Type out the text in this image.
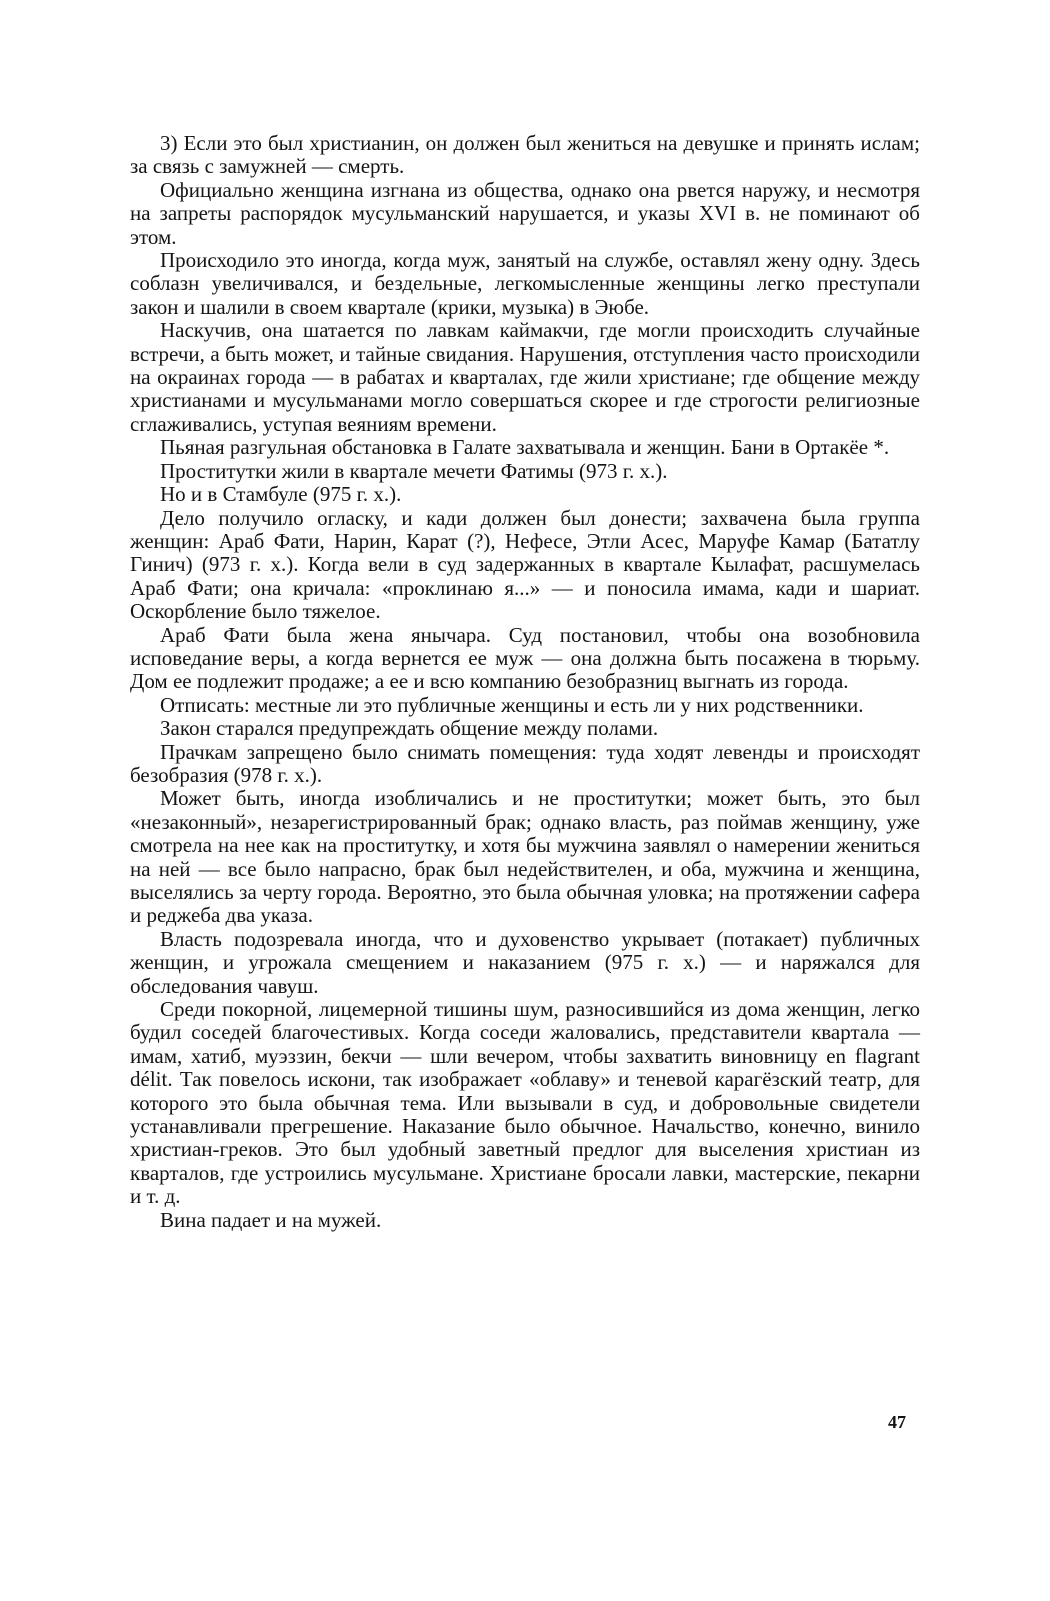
3) Если это был христианин, он должен был жениться на девушке и принять ислам; за связь с замужней — смерть.

Официально женщина изгнана из общества, однако она рвется наружу, и несмотря на запреты распорядок мусульманский нарушается, и указы XVI в. не поминают об этом.

Происходило это иногда, когда муж, занятый на службе, оставлял жену одну. Здесь соблазн увеличивался, и бездельные, легкомысленные женщины легко преступали закон и шалили в своем квартале (крики, музыка) в Эюбе.

Наскучив, она шатается по лавкам каймакчи, где могли происходить случайные встречи, а быть может, и тайные свидания. Нарушения, отступления часто происходили на окраинах города — в рабатах и кварталах, где жили христиане; где общение между христианами и мусульманами могло совершаться скорее и где строгости религиозные сглаживались, уступая веяниям времени.

Пьяная разгульная обстановка в Галате захватывала и женщин. Бани в Ортакёе *.

Проститутки жили в квартале мечети Фатимы (973 г. х.).

Но и в Стамбуле (975 г. х.).

Дело получило огласку, и кади должен был донести; захвачена была группа женщин: Араб Фати, Нарин, Карат (?), Нефесе, Этли Асес, Маруфе Камар (Бататлу Гинич) (973 г. х.). Когда вели в суд задержанных в квартале Кылафат, расшумелась Араб Фати; она кричала: «проклинаю я...» — и поносила имама, кади и шариат. Оскорбление было тяжелое.

Араб Фати была жена янычара. Суд постановил, чтобы она возобновила исповедание веры, а когда вернется ее муж — она должна быть посажена в тюрьму. Дом ее подлежит продаже; а ее и всю компанию безобразниц выгнать из города.

Отписать: местные ли это публичные женщины и есть ли у них родственники.

Закон старался предупреждать общение между полами.

Прачкам запрещено было снимать помещения: туда ходят левенды и происходят безобразия (978 г. х.).

Может быть, иногда изобличались и не проститутки; может быть, это был «незаконный», незарегистрированный брак; однако власть, раз поймав женщину, уже смотрела на нее как на проститутку, и хотя бы мужчина заявлял о намерении жениться на ней — все было напрасно, брак был недействителен, и оба, мужчина и женщина, выселялись за черту города. Вероятно, это была обычная уловка; на протяжении сафера и реджеба два указа.

Власть подозревала иногда, что и духовенство укрывает (потакает) публичных женщин, и угрожала смещением и наказанием (975 г. х.) — и наряжался для обследования чавуш.

Среди покорной, лицемерной тишины шум, разносившийся из дома женщин, легко будил соседей благочестивых. Когда соседи жаловались, представители квартала — имам, хатиб, муэззин, бекчи — шли вечером, чтобы захватить виновницу en flagrant délit. Так повелось искони, так изображает «облаву» и теневой карагёзский театр, для которого это была обычная тема. Или вызывали в суд, и добровольные свидетели устанавливали прегрешение. Наказание было обычное. Начальство, конечно, винило христиан-греков. Это был удобный заветный предлог для выселения христиан из кварталов, где устроились мусульмане. Христиане бросали лавки, мастерские, пекарни и т. д.

Вина падает и на мужей.

47
